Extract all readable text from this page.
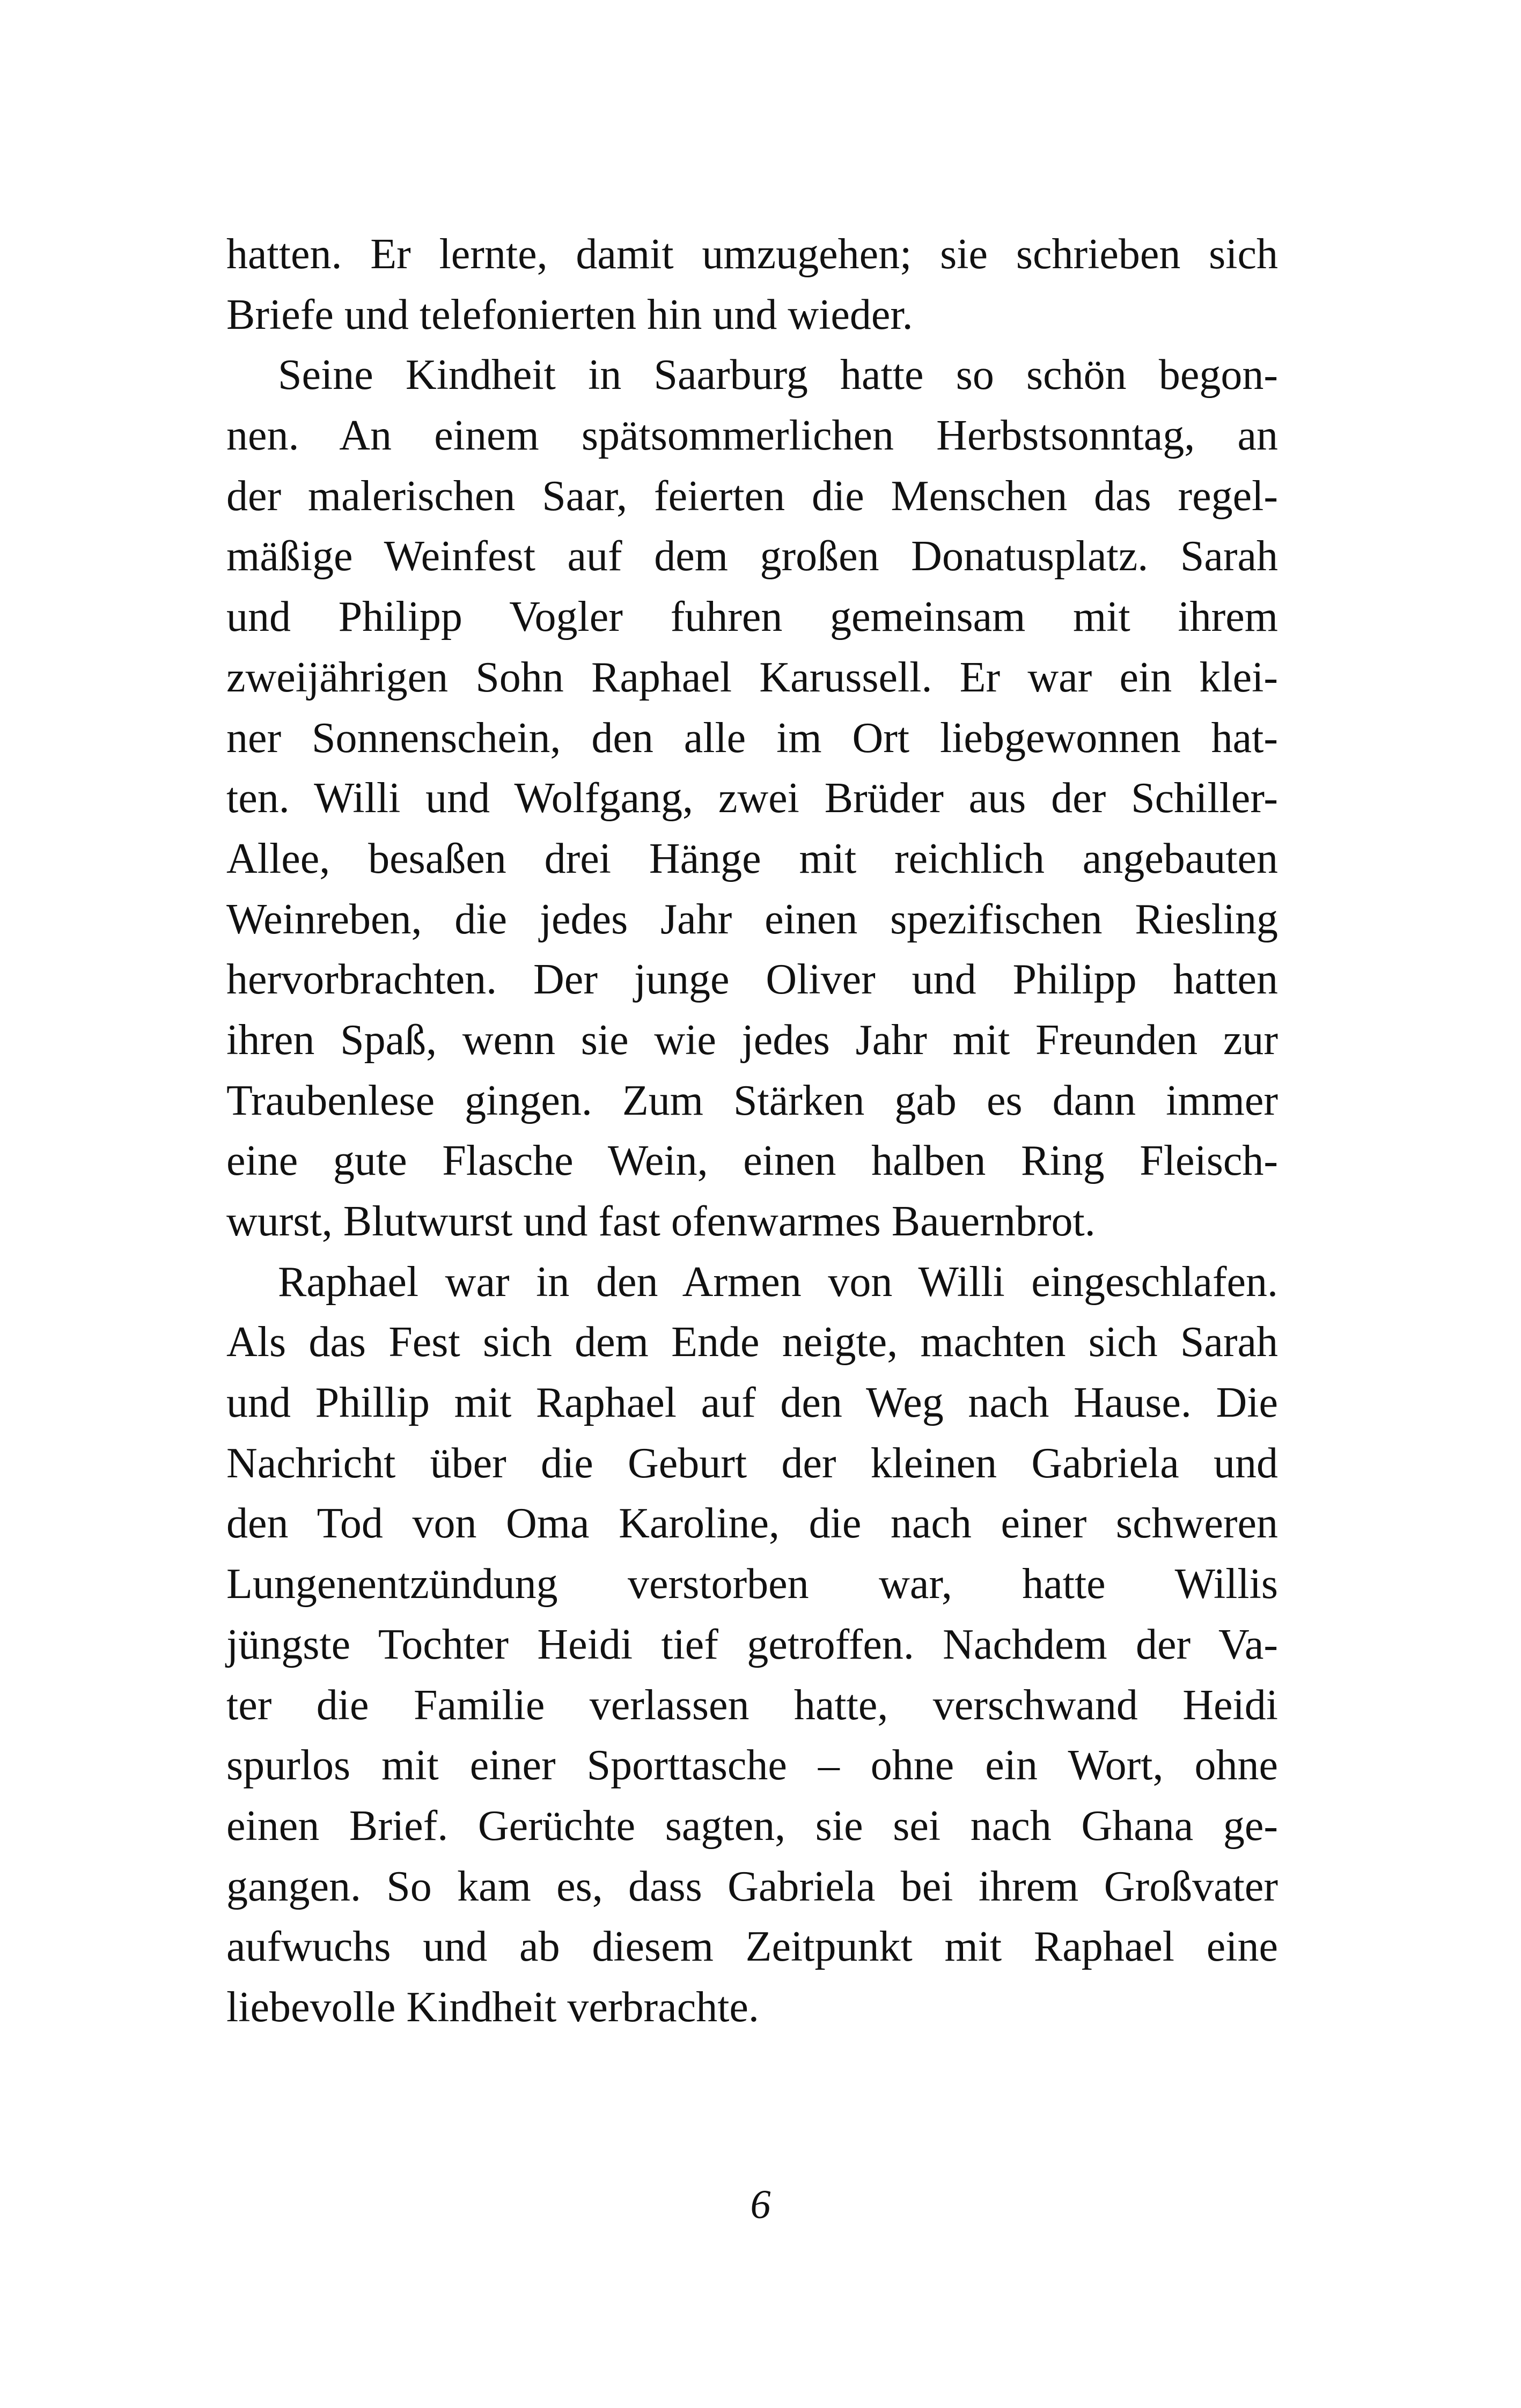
hatten. Er lernte, damit umzugehen; sie schrieben sich
Briefe und telefonierten hin und wieder.
Seine Kindheit in Saarburg hatte so schön begon-
nen. An einem spätsommerlichen Herbstsonntag, an
der malerischen Saar, feierten die Menschen das regel-
mäßige Weinfest auf dem großen Donatusplatz. Sarah
und Philipp Vogler fuhren gemeinsam mit ihrem
zweijährigen Sohn Raphael Karussell. Er war ein klei-
ner Sonnenschein, den alle im Ort liebgewonnen hat-
ten. Willi und Wolfgang, zwei Brüder aus der Schiller-
Allee, besaßen drei Hänge mit reichlich angebauten
Weinreben, die jedes Jahr einen spezifischen Riesling
hervorbrachten. Der junge Oliver und Philipp hatten
ihren Spaß, wenn sie wie jedes Jahr mit Freunden zur
Traubenlese gingen. Zum Stärken gab es dann immer
eine gute Flasche Wein, einen halben Ring Fleisch-
wurst, Blutwurst und fast ofenwarmes Bauernbrot.
Raphael war in den Armen von Willi eingeschlafen.
Als das Fest sich dem Ende neigte, machten sich Sarah
und Phillip mit Raphael auf den Weg nach Hause. Die
Nachricht über die Geburt der kleinen Gabriela und
den Tod von Oma Karoline, die nach einer schweren
Lungenentzündung verstorben war, hatte Willis
jüngste Tochter Heidi tief getroffen. Nachdem der Va-
ter die Familie verlassen hatte, verschwand Heidi
spurlos mit einer Sporttasche – ohne ein Wort, ohne
einen Brief. Gerüchte sagten, sie sei nach Ghana ge-
gangen. So kam es, dass Gabriela bei ihrem Großvater
aufwuchs und ab diesem Zeitpunkt mit Raphael eine
liebevolle Kindheit verbrachte.
6
